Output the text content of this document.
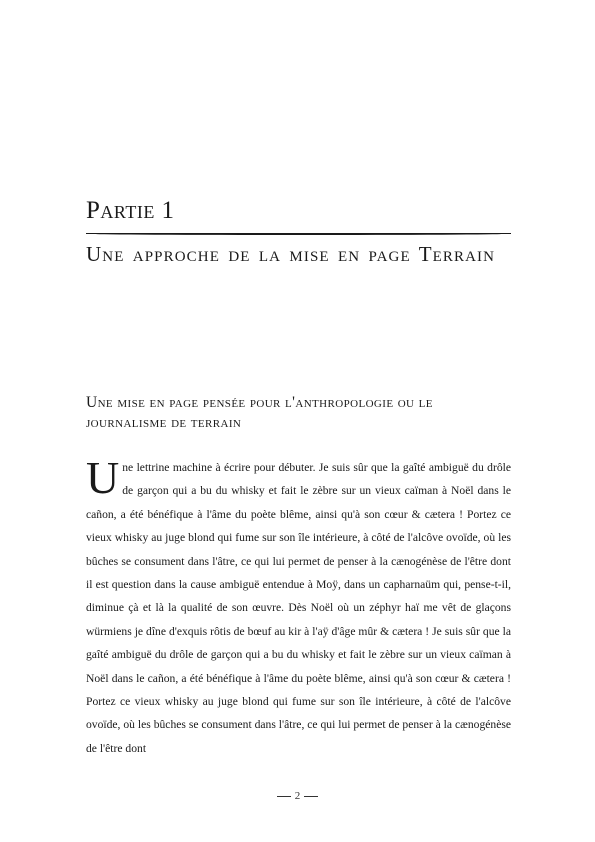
Partie 1
Une approche de la mise en page Terrain
Une mise en page pensée pour l'anthropologie ou le journalisme de terrain

Une lettrine machine à écrire pour débuter. Je suis sûr que la gaîté ambiguë du drôle de garçon qui a bu du whisky et fait le zèbre sur un vieux caïman à Noël dans le cañon, a été bénéfique à l'âme du poète blême, ainsi qu'à son cœur & cætera ! Portez ce vieux whisky au juge blond qui fume sur son île intérieure, à côté de l'alcôve ovoïde, où les bûches se consument dans l'âtre, ce qui lui permet de penser à la cænogénèse de l'être dont il est question dans la cause ambiguë entendue à Moÿ, dans un capharnaüm qui, pense-t-il, diminue çà et là la qualité de son œuvre. Dès Noël où un zéphyr haï me vêt de glaçons würmiens je dîne d'exquis rôtis de bœuf au kir à l'aÿ d'âge mûr & cætera ! Je suis sûr que la gaîté ambiguë du drôle de garçon qui a bu du whisky et fait le zèbre sur un vieux caïman à Noël dans le cañon, a été bénéfique à l'âme du poète blême, ainsi qu'à son cœur & cætera ! Portez ce vieux whisky au juge blond qui fume sur son île intérieure, à côté de l'alcôve ovoïde, où les bûches se consument dans l'âtre, ce qui lui permet de penser à la cænogénèse de l'être dont

2
